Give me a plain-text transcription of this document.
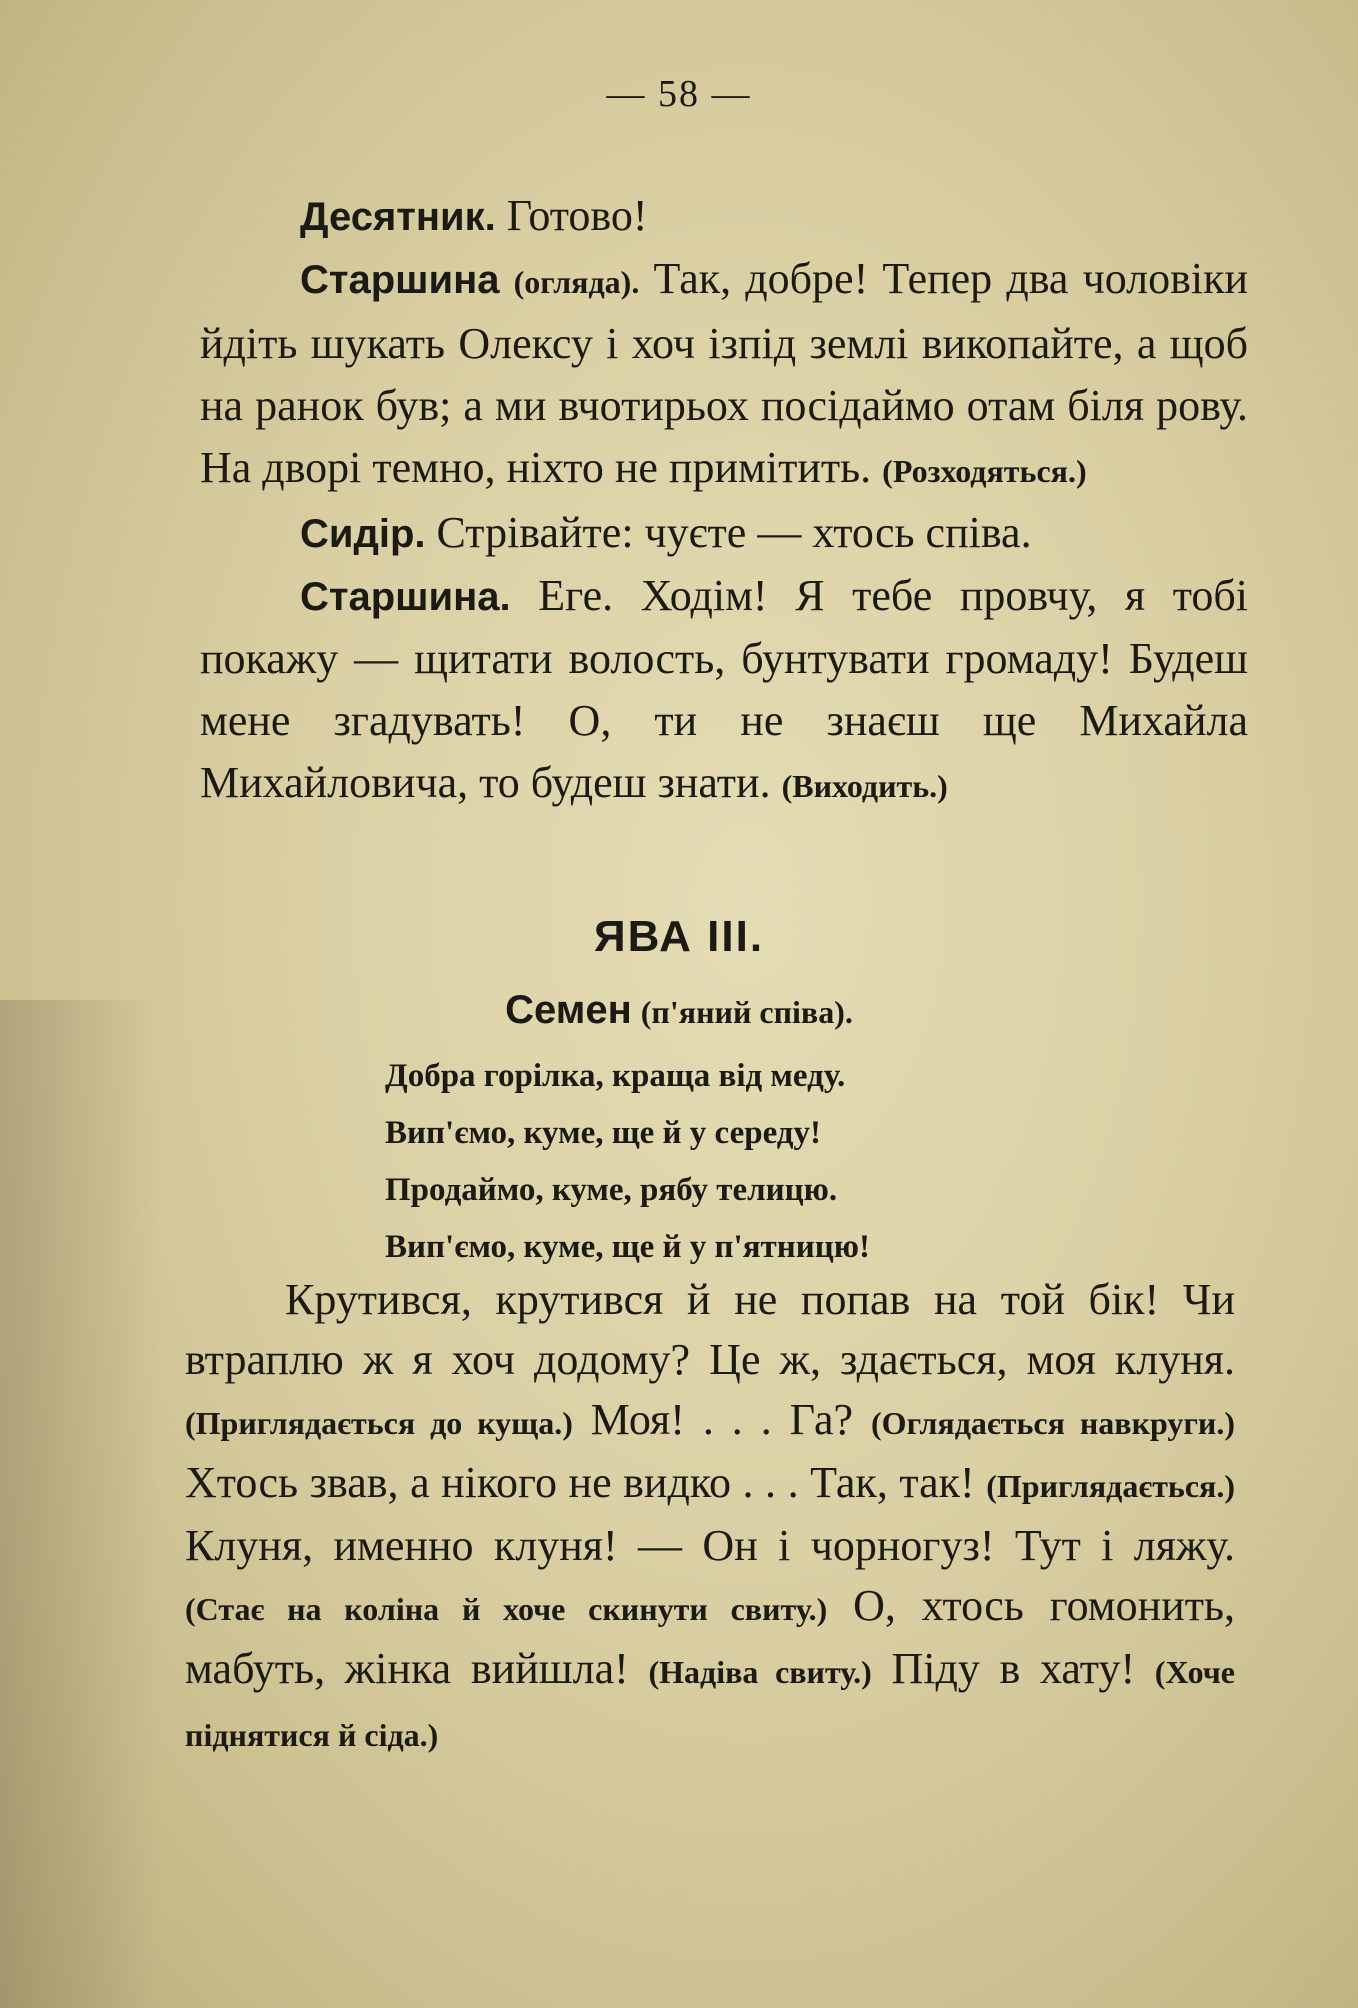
— 58 —

Десятник. Готово!

Старшина (огляда). Так, добре! Тепер два чоловіки йдіть шукать Олексу і хоч ізпід землі викопайте, а щоб на ранок був; а ми вчотирьох посідаймо отам біля рову. На дворі темно, ніхто не примітить. (Розходяться.)

Сидір. Стрівайте: чуєте — хтось співа.

Старшина. Еге. Ходім! Я тебе провчу, я тобі покажу — щитати волость, бунтувати громаду! Будеш мене згадувать! О, ти не знаєш ще Михайла Михайловича, то будеш знати. (Виходить.)

ЯВА III.
Семен (п'яний співа).
Добра горілка, краща від меду.
Вип'ємо, куме, ще й у середу!
Продаймо, куме, рябу телицю.
Вип'ємо, куме, ще й у п'ятницю!

Крутився, крутився й не попав на той бік! Чи втраплю ж я хоч додому? Це ж, здається, моя клуня. (Приглядається до куща.) Моя! . . . Га? (Оглядається навкруги.) Хтось звав, а нікого не видко . . . Так, так! (Приглядається.) Клуня, именно клуня! — Он і чорногуз! Тут і ляжу. (Стає на коліна й хоче скинути свиту.) О, хтось гомонить, мабуть, жінка вийшла! (Надіва свиту.) Піду в хату! (Хоче піднятися й сіда.)
